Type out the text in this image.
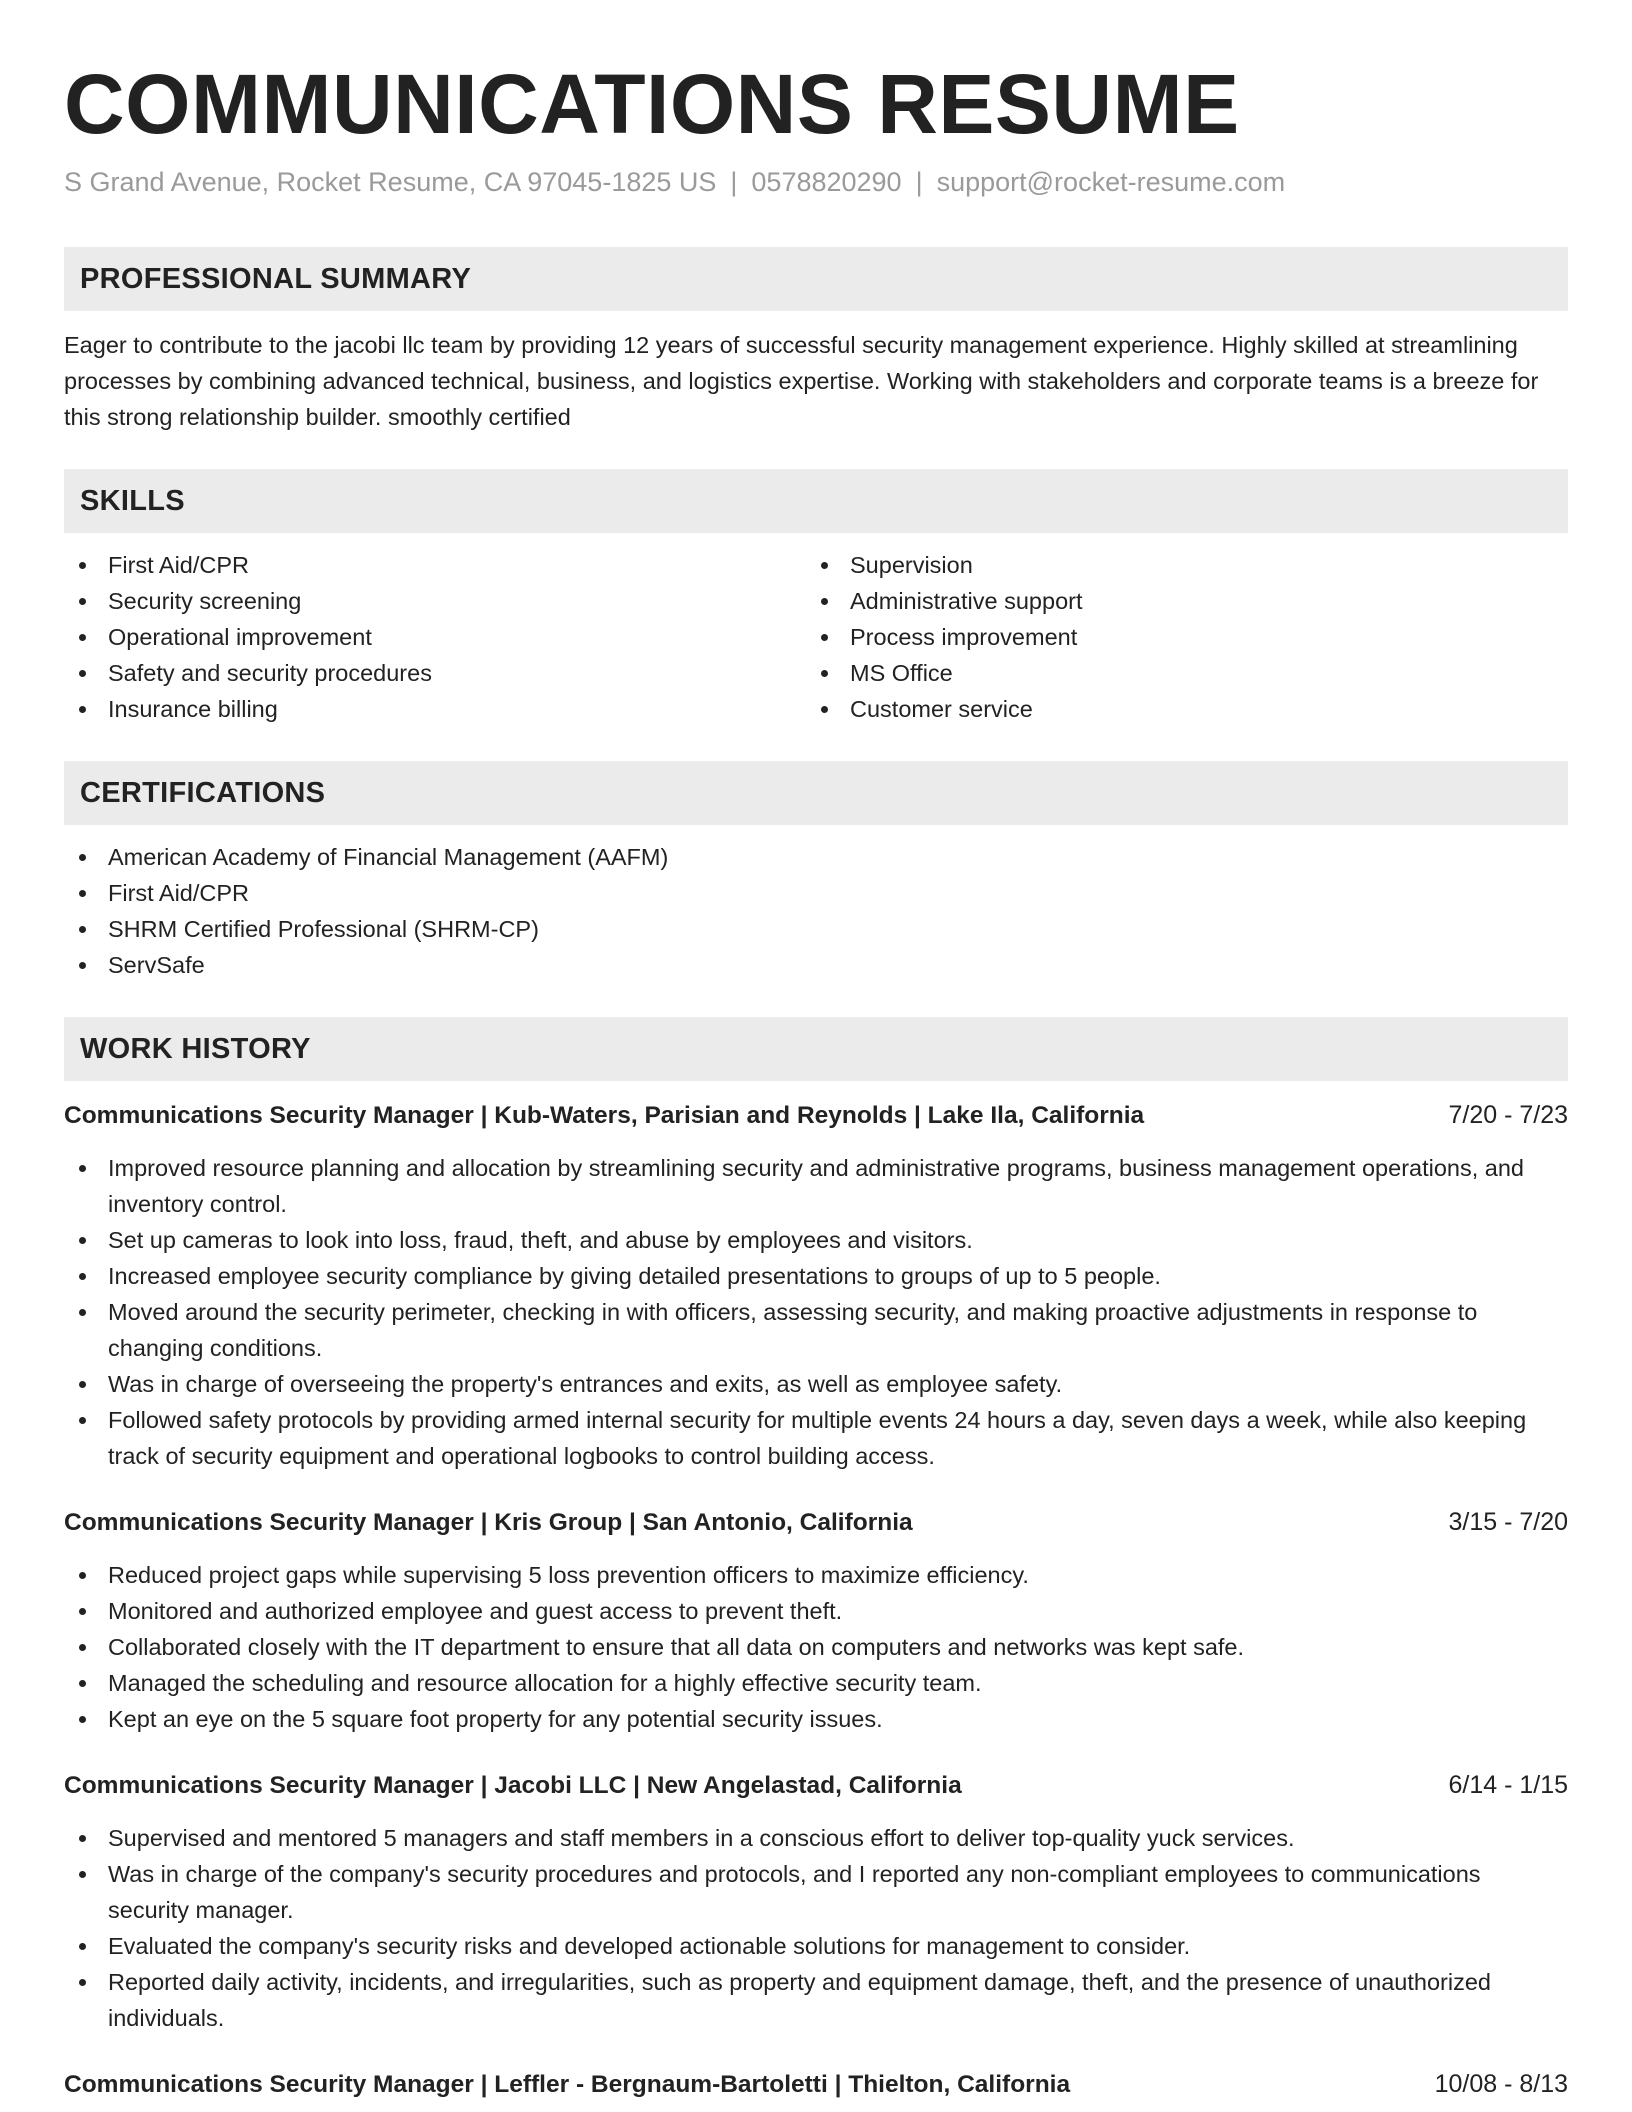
COMMUNICATIONS RESUME
S Grand Avenue, Rocket Resume, CA 97045-1825 US | 0578820290 | support@rocket-resume.com
PROFESSIONAL SUMMARY

Eager to contribute to the jacobi llc team by providing 12 years of successful security management experience. Highly skilled at streamlining processes by combining advanced technical, business, and logistics expertise. Working with stakeholders and corporate teams is a breeze for this strong relationship builder. smoothly certified

SKILLS
First Aid/CPR
Security screening
Operational improvement
Safety and security procedures
Insurance billing
Supervision
Administrative support
Process improvement
MS Office
Customer service
CERTIFICATIONS
American Academy of Financial Management (AAFM)
First Aid/CPR
SHRM Certified Professional (SHRM-CP)
ServSafe
WORK HISTORY
Communications Security Manager | Kub-Waters, Parisian and Reynolds | Lake Ila, California	7/20 - 7/23
Improved resource planning and allocation by streamlining security and administrative programs, business management operations, and inventory control.
Set up cameras to look into loss, fraud, theft, and abuse by employees and visitors.
Increased employee security compliance by giving detailed presentations to groups of up to 5 people.
Moved around the security perimeter, checking in with officers, assessing security, and making proactive adjustments in response to changing conditions.
Was in charge of overseeing the property's entrances and exits, as well as employee safety.
Followed safety protocols by providing armed internal security for multiple events 24 hours a day, seven days a week, while also keeping track of security equipment and operational logbooks to control building access.
Communications Security Manager | Kris Group | San Antonio, California	3/15 - 7/20
Reduced project gaps while supervising 5 loss prevention officers to maximize efficiency.
Monitored and authorized employee and guest access to prevent theft.
Collaborated closely with the IT department to ensure that all data on computers and networks was kept safe.
Managed the scheduling and resource allocation for a highly effective security team.
Kept an eye on the 5 square foot property for any potential security issues.
Communications Security Manager | Jacobi LLC | New Angelastad, California	6/14 - 1/15
Supervised and mentored 5 managers and staff members in a conscious effort to deliver top-quality yuck services.
Was in charge of the company's security procedures and protocols, and I reported any non-compliant employees to communications security manager.
Evaluated the company's security risks and developed actionable solutions for management to consider.
Reported daily activity, incidents, and irregularities, such as property and equipment damage, theft, and the presence of unauthorized individuals.
Communications Security Manager | Leffler - Bergnaum-Bartoletti | Thielton, California	10/08 - 8/13
